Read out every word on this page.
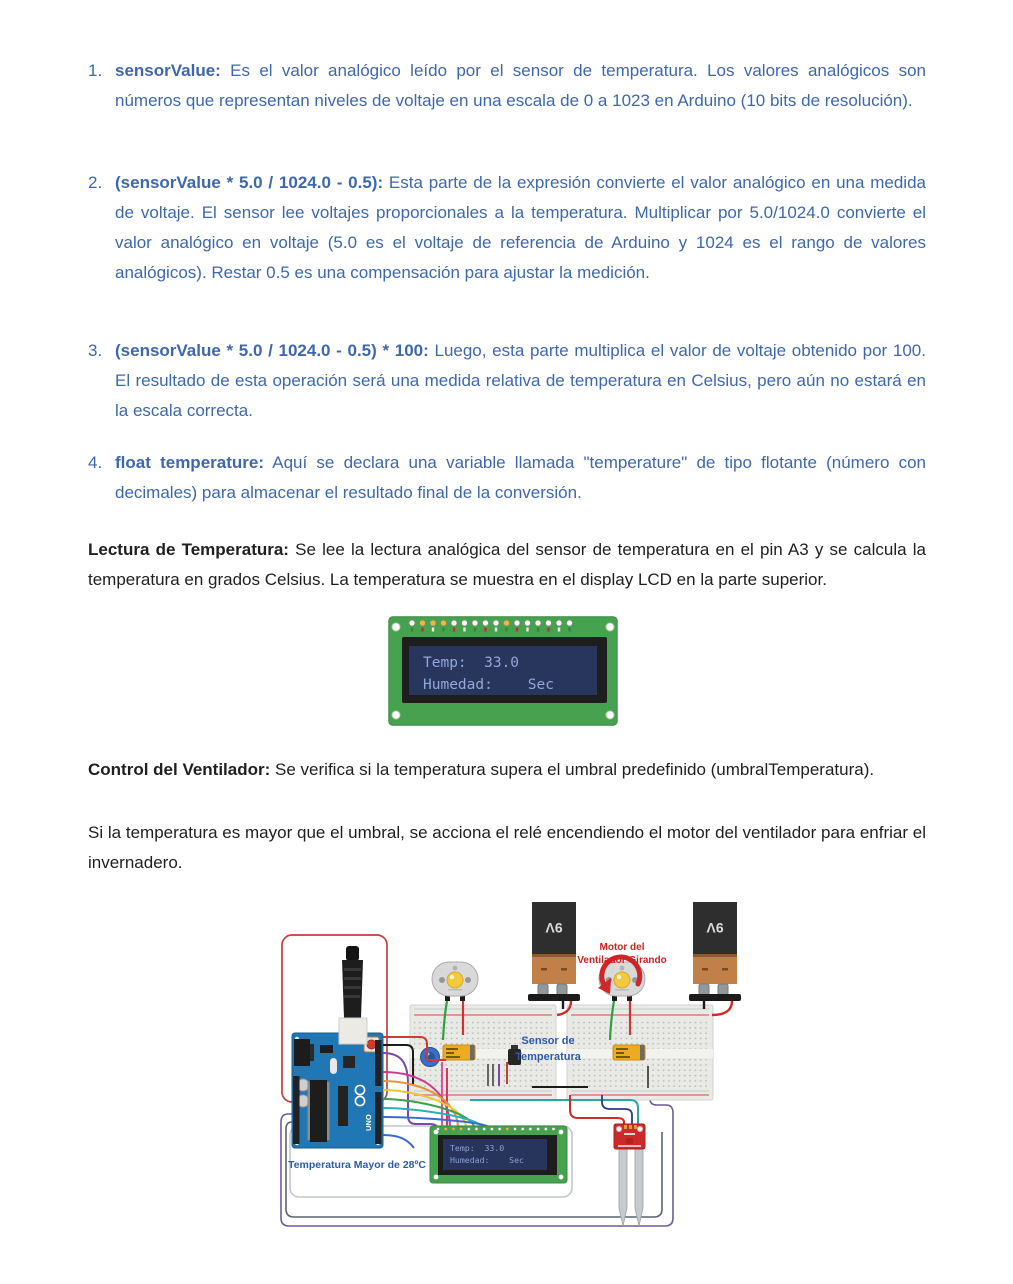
1. sensorValue: Es el valor analógico leído por el sensor de temperatura. Los valores analógicos son números que representan niveles de voltaje en una escala de 0 a 1023 en Arduino (10 bits de resolución).
2. (sensorValue * 5.0 / 1024.0 - 0.5): Esta parte de la expresión convierte el valor analógico en una medida de voltaje. El sensor lee voltajes proporcionales a la temperatura. Multiplicar por 5.0/1024.0 convierte el valor analógico en voltaje (5.0 es el voltaje de referencia de Arduino y 1024 es el rango de valores analógicos). Restar 0.5 es una compensación para ajustar la medición.
3. (sensorValue * 5.0 / 1024.0 - 0.5) * 100: Luego, esta parte multiplica el valor de voltaje obtenido por 100. El resultado de esta operación será una medida relativa de temperatura en Celsius, pero aún no estará en la escala correcta.
4. float temperature: Aquí se declara una variable llamada "temperature" de tipo flotante (número con decimales) para almacenar el resultado final de la conversión.
Lectura de Temperatura: Se lee la lectura analógica del sensor de temperatura en el pin A3 y se calcula la temperatura en grados Celsius. La temperatura se muestra en el display LCD en la parte superior.
Control del Ventilador: Se verifica si la temperatura supera el umbral predefinido (umbralTemperatura).
Si la temperatura es mayor que el umbral, se acciona el relé encendiendo el motor del ventilador para enfriar el invernadero.
Temp:  33.0
Humedad:    Sec
9V	9V
UNO
Temp:  33.0
Humedad:    Sec
Motor del
Ventilador Girando
Sensor de
Temperatura
Temperatura Mayor de 28ºC
